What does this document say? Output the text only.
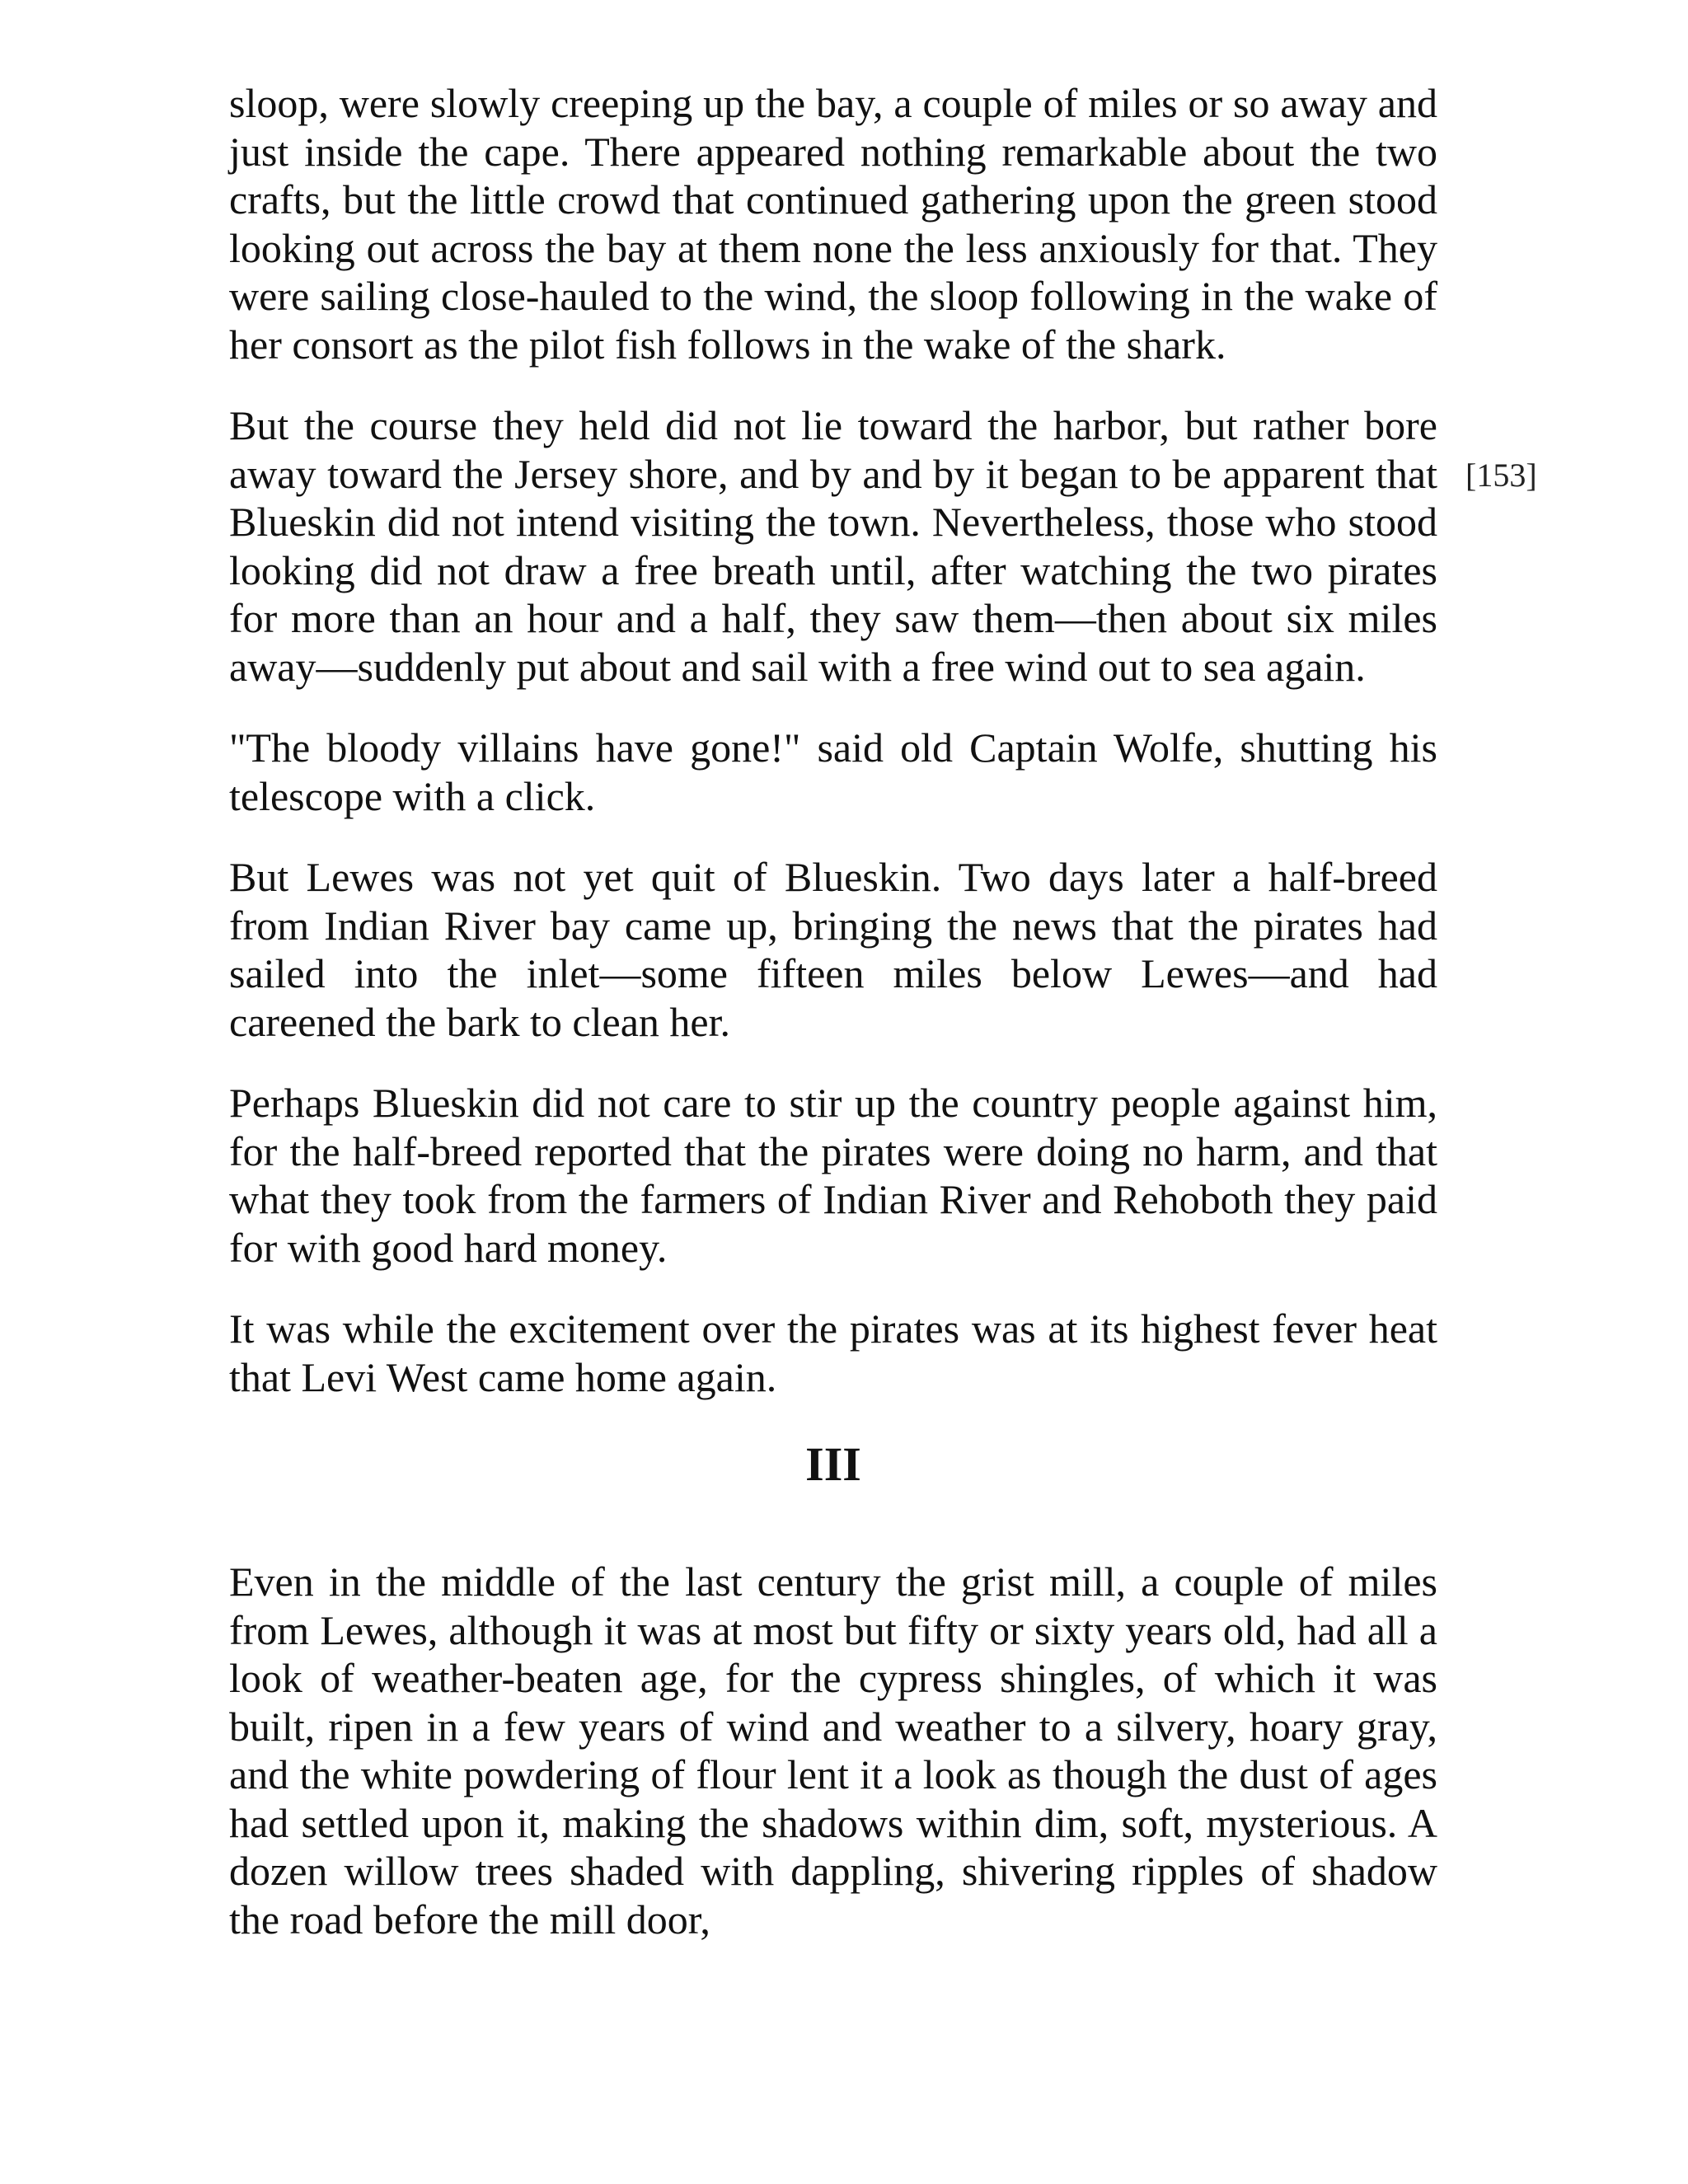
[153]

sloop, were slowly creeping up the bay, a couple of miles or so away and just inside the cape. There appeared nothing remarkable about the two crafts, but the little crowd that continued gathering upon the green stood looking out across the bay at them none the less anxiously for that. They were sailing close-hauled to the wind, the sloop following in the wake of her consort as the pilot fish follows in the wake of the shark.

But the course they held did not lie toward the harbor, but rather bore away toward the Jersey shore, and by and by it began to be apparent that Blueskin did not intend visiting the town. Nevertheless, those who stood looking did not draw a free breath until, after watching the two pirates for more than an hour and a half, they saw them—then about six miles away—suddenly put about and sail with a free wind out to sea again.

"The bloody villains have gone!" said old Captain Wolfe, shutting his telescope with a click.

But Lewes was not yet quit of Blueskin. Two days later a half-breed from Indian River bay came up, bringing the news that the pirates had sailed into the inlet—some fifteen miles below Lewes—and had careened the bark to clean her.

Perhaps Blueskin did not care to stir up the country people against him, for the half-breed reported that the pirates were doing no harm, and that what they took from the farmers of Indian River and Rehoboth they paid for with good hard money.

It was while the excitement over the pirates was at its highest fever heat that Levi West came home again.

III

Even in the middle of the last century the grist mill, a couple of miles from Lewes, although it was at most but fifty or sixty years old, had all a look of weather-beaten age, for the cypress shingles, of which it was built, ripen in a few years of wind and weather to a silvery, hoary gray, and the white powdering of flour lent it a look as though the dust of ages had settled upon it, making the shadows within dim, soft, mysterious. A dozen willow trees shaded with dappling, shivering ripples of shadow the road before the mill door,
